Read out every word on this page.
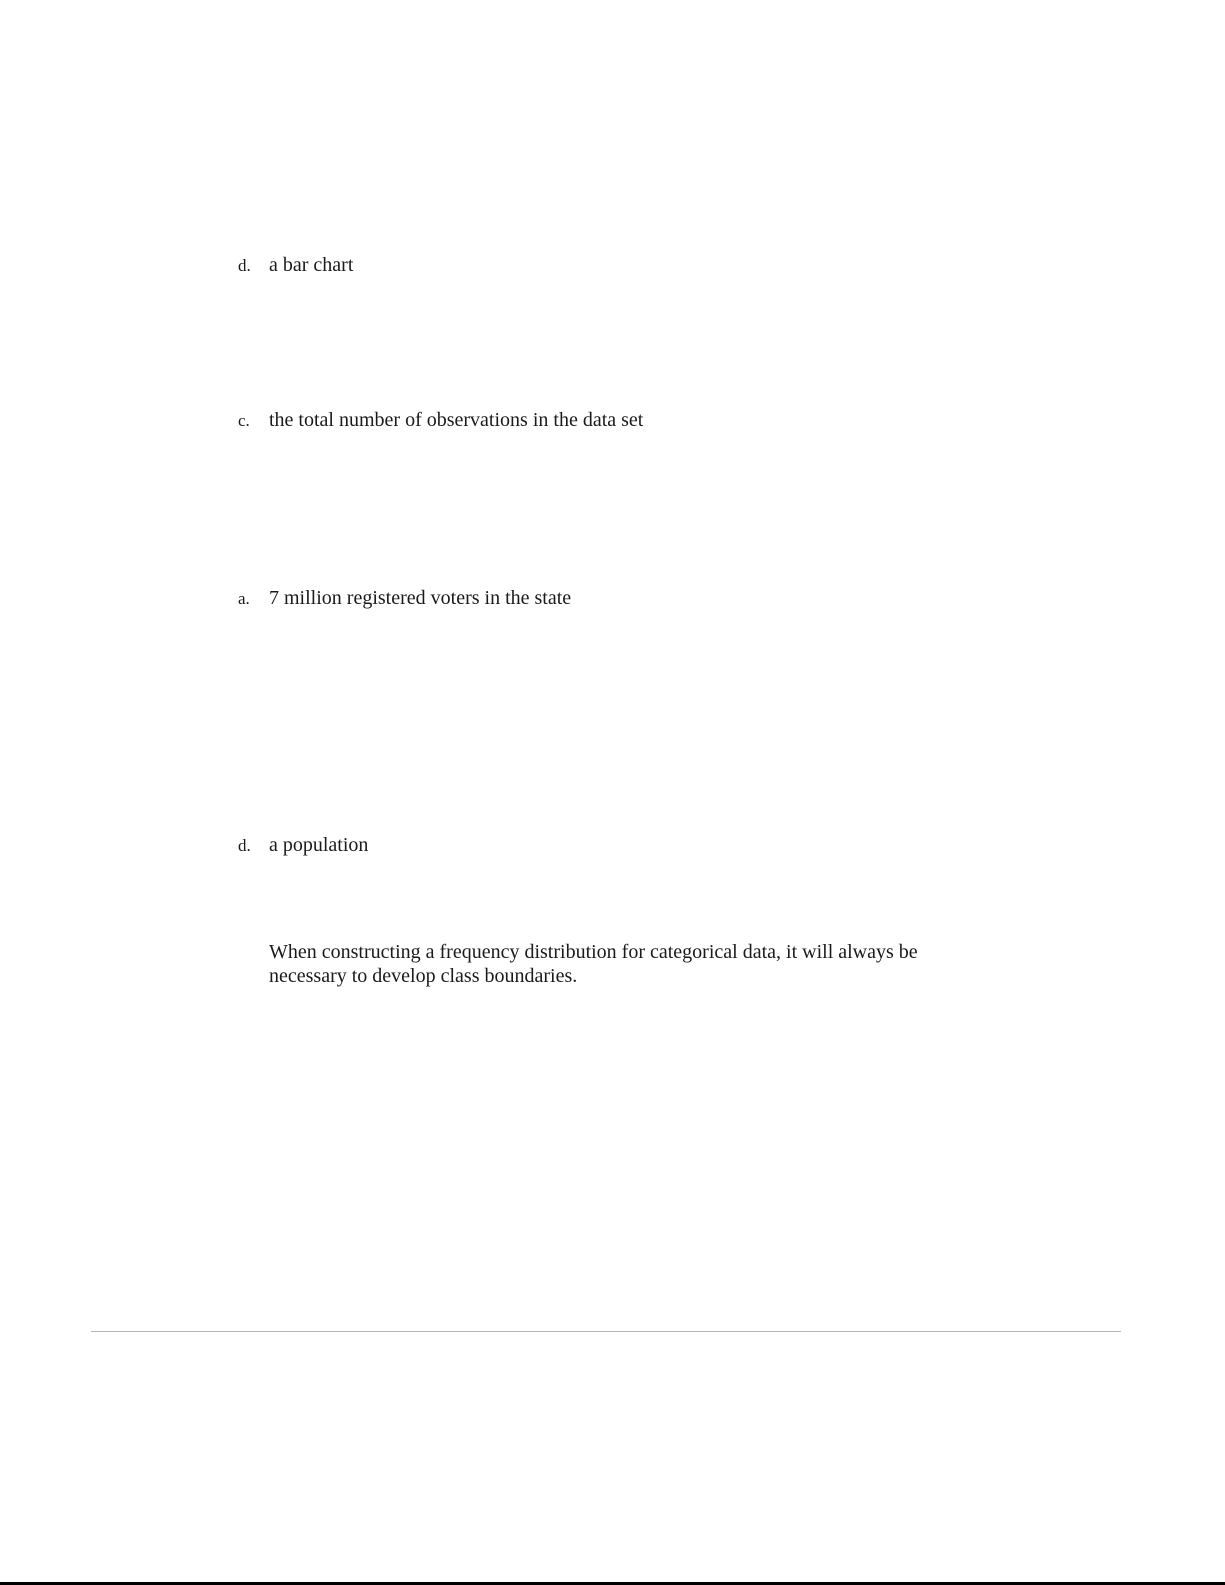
d. a bar chart
c. the total number of observations in the data set
a. 7 million registered voters in the state
d. a population
When constructing a frequency distribution for categorical data, it will always be
necessary to develop class boundaries.
